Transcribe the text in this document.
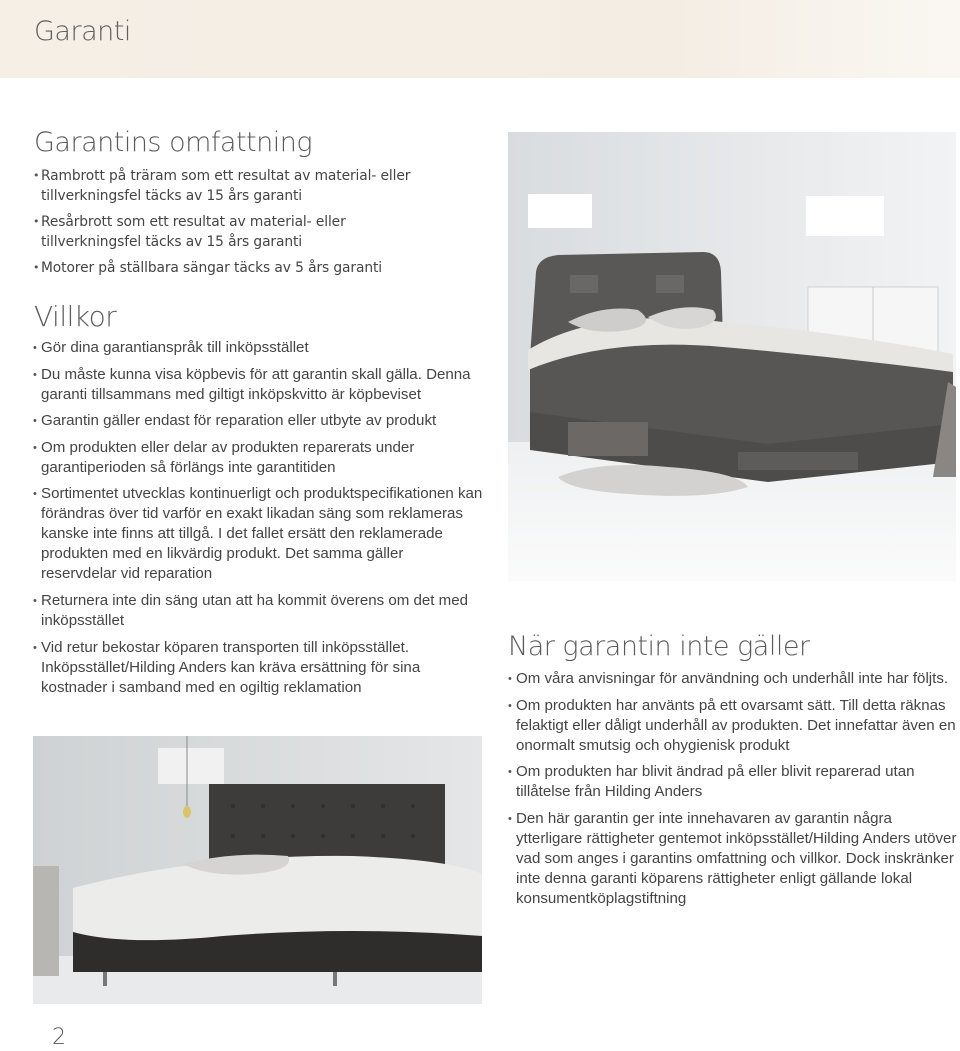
Garanti
Garantins omfattning
• Rambrott på träram som ett resultat av material- eller tillverkningsfel täcks av 15 års garanti
• Resårbrott som ett resultat av material- eller tillverkningsfel täcks av 15 års garanti
• Motorer på ställbara sängar täcks av 5 års garanti
Villkor
• Gör dina garantianspråk till inköpsstället
• Du måste kunna visa köpbevis för att garantin skall gälla. Denna garanti tillsammans med giltigt inköpskvitto är köpbeviset
• Garantin gäller endast för reparation eller utbyte av produkt
• Om produkten eller delar av produkten reparerats under garantiperioden så förlängs inte garantitiden
• Sortimentet utvecklas kontinuerligt och produktspecifikationen kan förändras över tid varför en exakt likadan säng som reklameras kanske inte finns att tillgå. I det fallet ersätt den reklamerade produkten med en likvärdig produkt. Det samma gäller reservdelar vid reparation
• Returnera inte din säng utan att ha kommit överens om det med inköpsstället
• Vid retur bekostar köparen transporten till inköpsstället. Inköpsstället/Hilding Anders kan kräva ersättning för sina kostnader i samband med en ogiltig reklamation
När garantin inte gäller
• Om våra anvisningar för användning och underhåll inte har följts.
• Om produkten har använts på ett ovarsamt sätt. Till detta räknas felaktigt eller dåligt underhåll av produkten. Det innefattar även en onormalt smutsig och ohygienisk produkt
• Om produkten har blivit ändrad på eller blivit reparerad utan tillåtelse från Hilding Anders
• Den här garantin ger inte innehavaren av garantin några ytterligare rättigheter gentemot inköpsstället/Hilding Anders utöver vad som anges i garantins omfattning och villkor. Dock inskränker inte denna garanti köparens rättigheter enligt gällande lokal konsumentköplagstiftning
2
